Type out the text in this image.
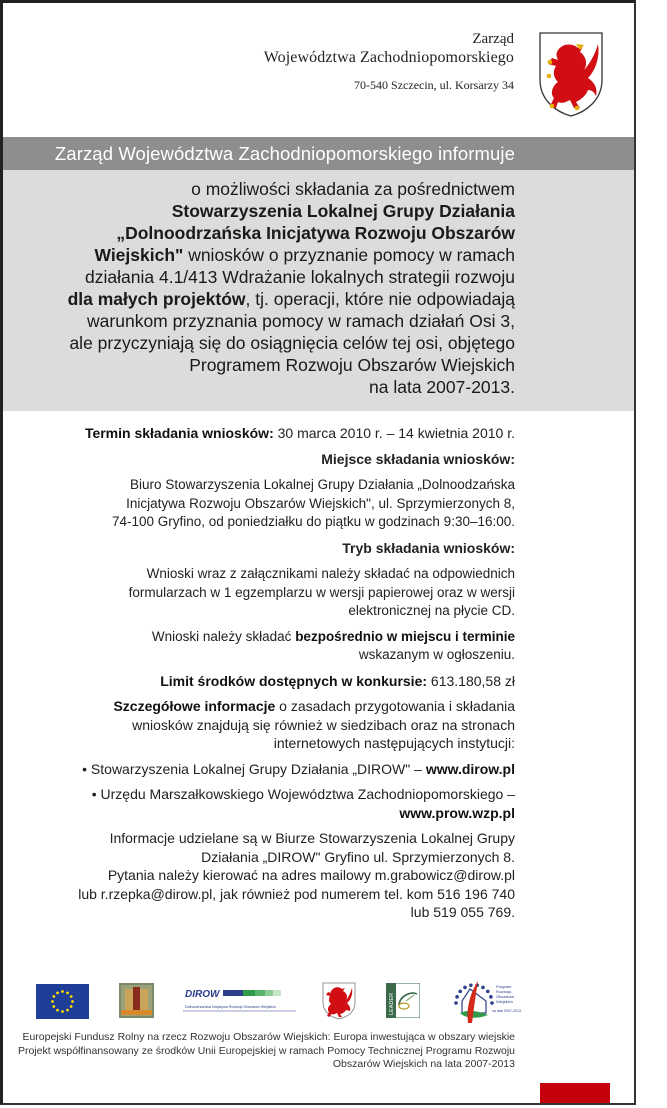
Zarząd
Województwa Zachodniopomorskiego
70-540 Szczecin, ul. Korsarzy 34
Zarząd Województwa Zachodniopomorskiego informuje
o możliwości składania za pośrednictwem
Stowarzyszenia Lokalnej Grupy Działania
„Dolnoodrzańska Inicjatywa Rozwoju Obszarów
Wiejskich" wniosków o przyznanie pomocy w ramach
działania 4.1/413 Wdrażanie lokalnych strategii rozwoju
dla małych projektów, tj. operacji, które nie odpowiadają
warunkom przyznania pomocy w ramach działań Osi 3,
ale przyczyniają się do osiągnięcia celów tej osi, objętego
Programem Rozwoju Obszarów Wiejskich
na lata 2007-2013.

Termin składania wniosków: 30 marca 2010 r. – 14 kwietnia 2010 r.

Miejsce składania wniosków:

Biuro Stowarzyszenia Lokalnej Grupy Działania „Dolnoodzańska
Inicjatywa Rozwoju Obszarów Wiejskich", ul. Sprzymierzonych 8,
74-100 Gryfino, od poniedziałku do piątku w godzinach 9:30–16:00.

Tryb składania wniosków:

Wnioski wraz z załącznikami należy składać na odpowiednich
formularzach w 1 egzemplarzu w wersji papierowej oraz w wersji
elektronicznej na płycie CD.

Wnioski należy składać bezpośrednio w miejscu i terminie
wskazanym w ogłoszeniu.

Limit środków dostępnych w konkursie: 613.180,58 zł

Szczegółowe informacje o zasadach przygotowania i składania
wniosków znajdują się również w siedzibach oraz na stronach
internetowych następujących instytucji:

• Stowarzyszenia Lokalnej Grupy Działania „DIROW" – www.dirow.pl

• Urzędu Marszałkowskiego Województwa Zachodniopomorskiego –
www.prow.wzp.pl

Informacje udzielane są w Biurze Stowarzyszenia Lokalnej Grupy
Działania „DIROW" Gryfino ul. Sprzymierzonych 8.
Pytania należy kierować na adres mailowy m.grabowicz@dirow.pl
lub r.rzepka@dirow.pl, jak również pod numerem tel. kom 516 196 740
lub 519 055 769.

DIROW
Dolnoodrzańska Inicjatywa Rozwoju Obszarów Wiejskich	LEADER
Program
Rozwoju
Obszarów
Wiejskich
na lata 2007-2013
Europejski Fundusz Rolny na rzecz Rozwoju Obszarów Wiejskich: Europa inwestująca w obszary wiejskie
Projekt współfinansowany ze środków Unii Europejskiej w ramach Pomocy Technicznej Programu Rozwoju
Obszarów Wiejskich na lata 2007-2013
